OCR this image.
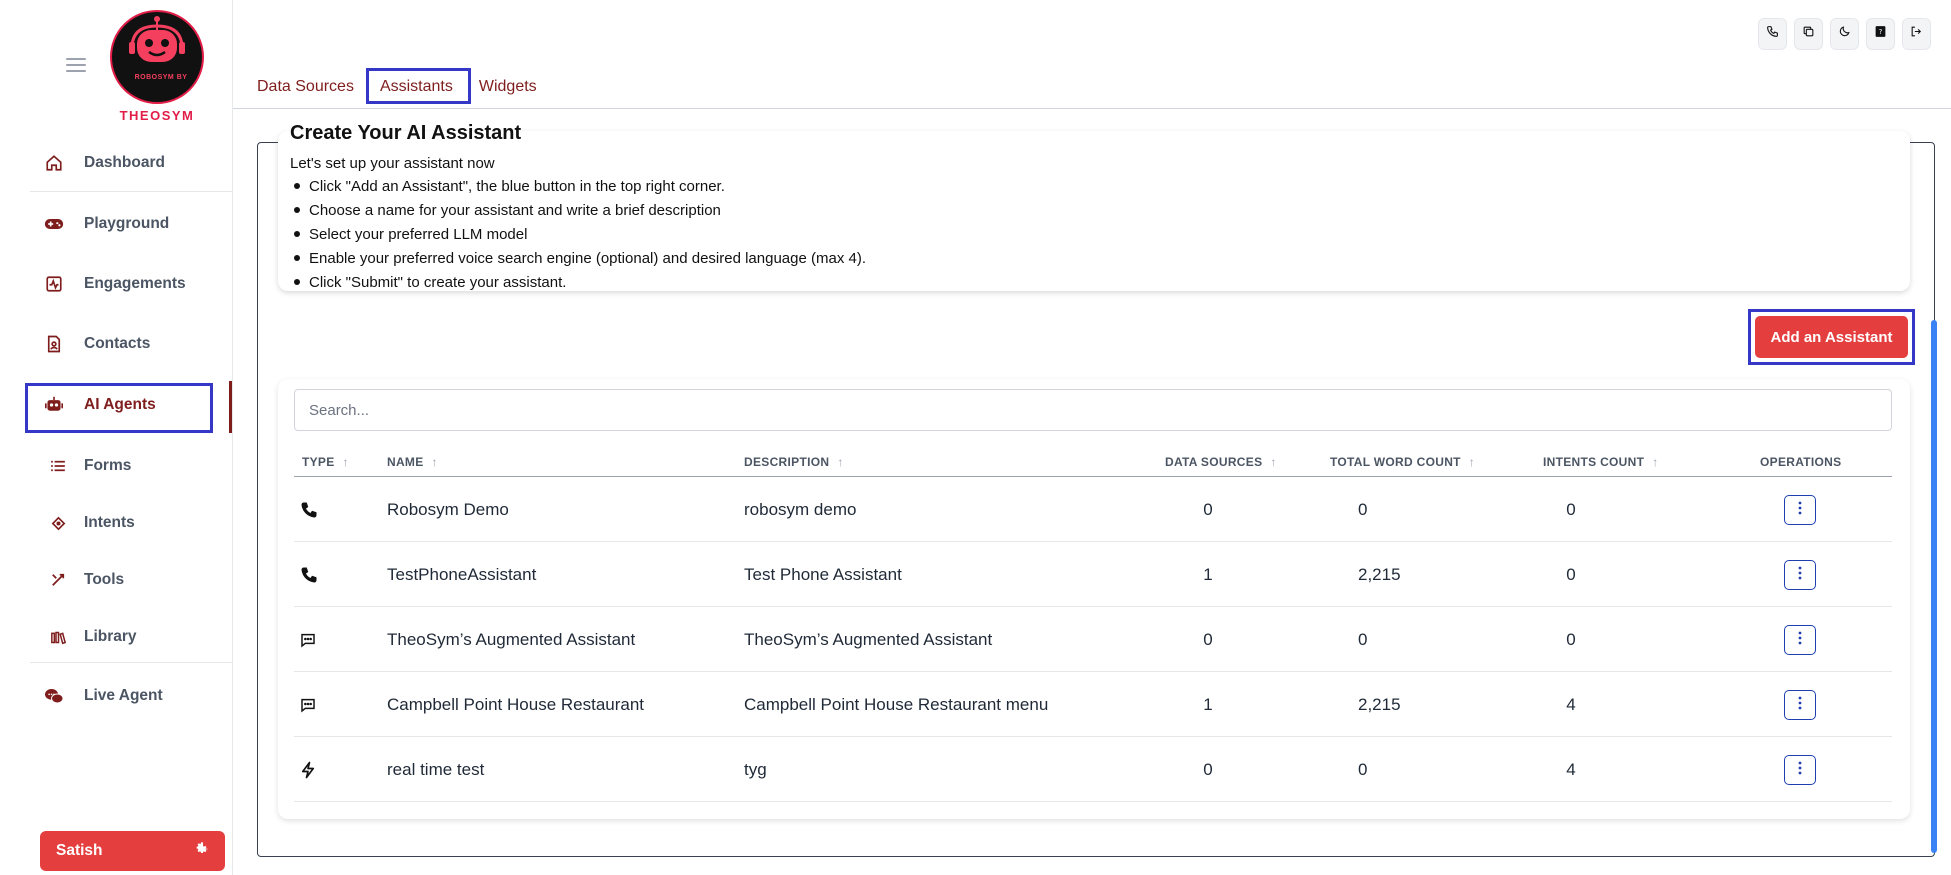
ROBOSYM BY
THEOSYM
Dashboard
Playground
Engagements
Contacts
AI Agents
Forms
Intents
Tools
Library
Live Agent
Satish
?
Data Sources Assistants Widgets
Create Your AI Assistant
Let's set up your assistant now
Click "Add an Assistant", the blue button in the top right corner.
Choose a name for your assistant and write a brief description
Select your preferred LLM model
Enable your preferred voice search engine (optional) and desired language (max 4).
Click "Submit" to create your assistant.
Add an Assistant
Search...
TYPE ↑	NAME ↑	DESCRIPTION ↑	DATA SOURCES ↑	TOTAL WORD COUNT ↑	INTENTS COUNT ↑	OPERATIONS
Robosym Demo	robosym demo	0	0	0
TestPhoneAssistant	Test Phone Assistant	1	2,215	0
TheoSym’s Augmented Assistant	TheoSym’s Augmented Assistant	0	0	0
Campbell Point House Restaurant	Campbell Point House Restaurant menu	1	2,215	4
real time test	tyg	0	0	4
